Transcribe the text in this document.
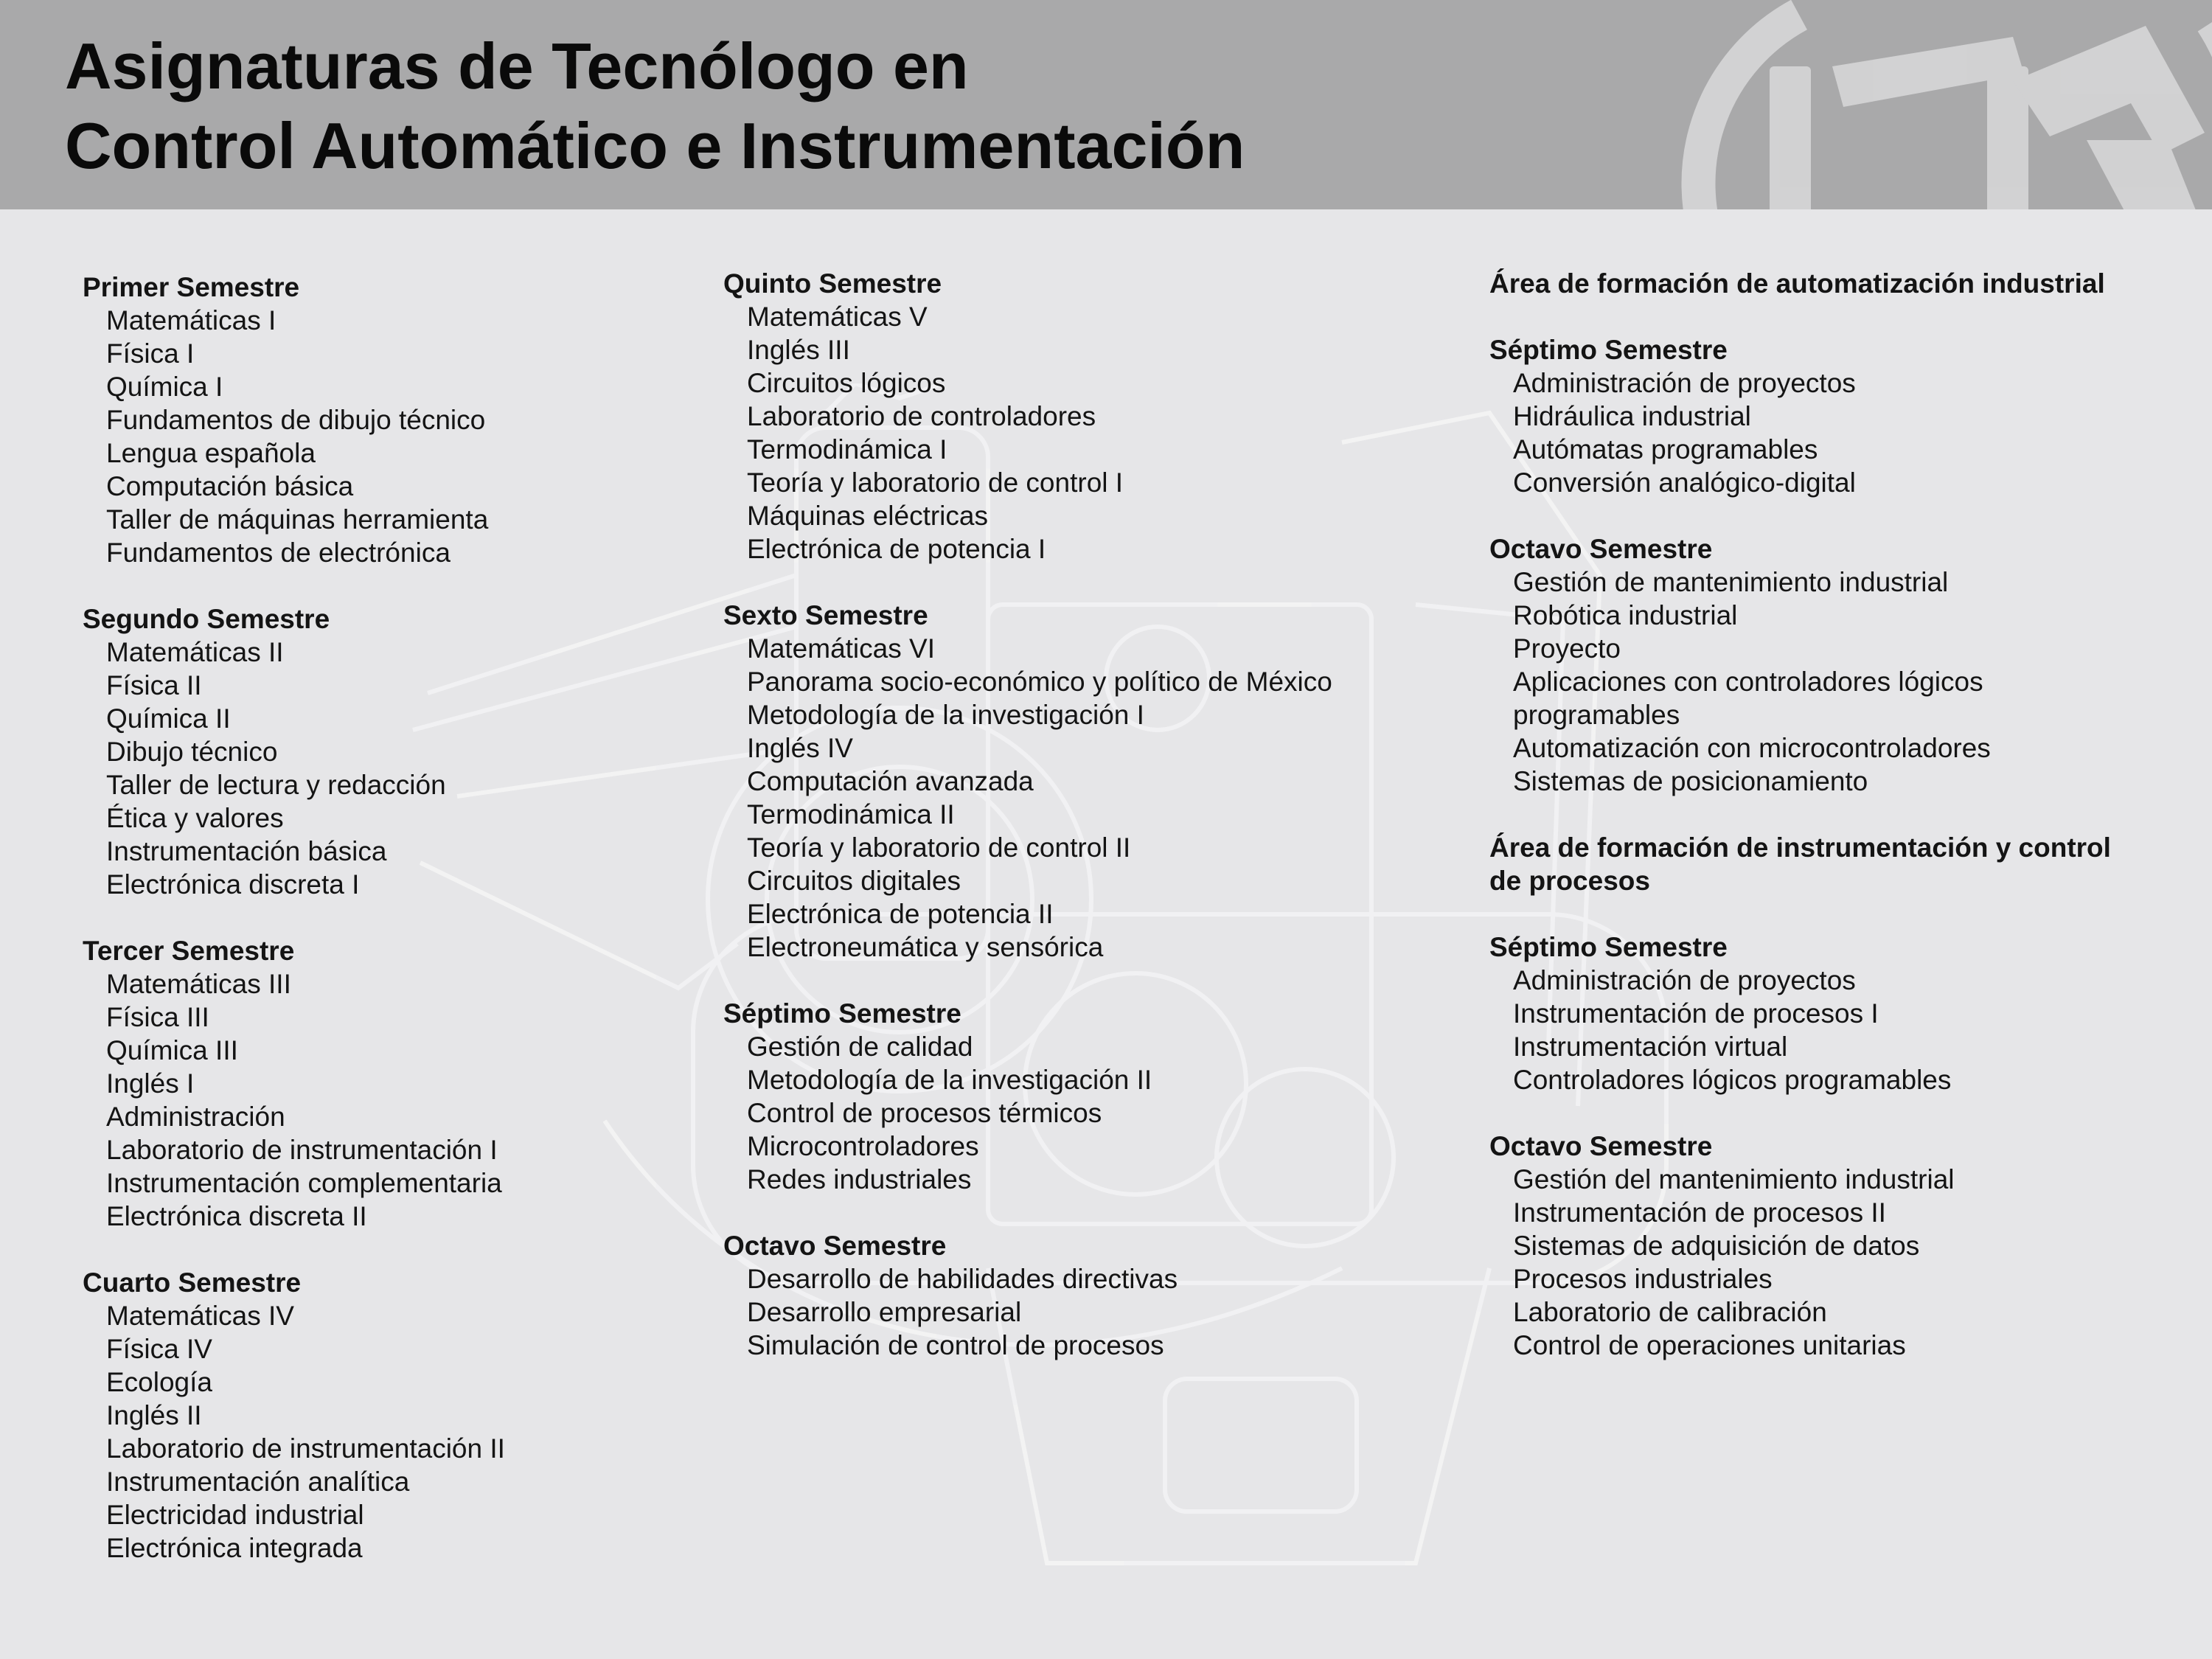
Asignaturas de Tecnólogo en
Control Automático e Instrumentación
Primer Semestre
Matemáticas I
Física I
Química I
Fundamentos de dibujo técnico
Lengua española
Computación básica
Taller de máquinas herramienta
Fundamentos de electrónica
Segundo Semestre
Matemáticas II
Física II
Química II
Dibujo técnico
Taller de lectura y redacción
Ética y valores
Instrumentación básica
Electrónica discreta I
Tercer Semestre
Matemáticas III
Física III
Química III
Inglés I
Administración
Laboratorio de instrumentación I
Instrumentación complementaria
Electrónica discreta II
Cuarto Semestre
Matemáticas IV
Física IV
Ecología
Inglés II
Laboratorio de instrumentación II
Instrumentación analítica
Electricidad industrial
Electrónica integrada
Quinto Semestre
Matemáticas V
Inglés III
Circuitos lógicos
Laboratorio de controladores
Termodinámica I
Teoría y laboratorio de control I
Máquinas eléctricas
Electrónica de potencia I
Sexto Semestre
Matemáticas VI
Panorama socio-económico y político de México
Metodología de la investigación I
Inglés IV
Computación avanzada
Termodinámica II
Teoría y laboratorio de control II
Circuitos digitales
Electrónica de potencia II
Electroneumática y sensórica
Séptimo Semestre
Gestión de calidad
Metodología de la investigación II
Control de procesos térmicos
Microcontroladores
Redes industriales
Octavo Semestre
Desarrollo de habilidades directivas
Desarrollo empresarial
Simulación de control de procesos
Área de formación de automatización industrial
Séptimo Semestre
Administración de proyectos
Hidráulica industrial
Autómatas programables
Conversión analógico-digital
Octavo Semestre
Gestión de mantenimiento industrial
Robótica industrial
Proyecto
Aplicaciones con controladores lógicos programables
Automatización con microcontroladores
Sistemas de posicionamiento
Área de formación de instrumentación y control de procesos
Séptimo Semestre
Administración de proyectos
Instrumentación de procesos I
Instrumentación virtual
Controladores lógicos programables
Octavo Semestre
Gestión del mantenimiento industrial
Instrumentación de procesos II
Sistemas de adquisición de datos
Procesos industriales
Laboratorio de calibración
Control de operaciones unitarias
